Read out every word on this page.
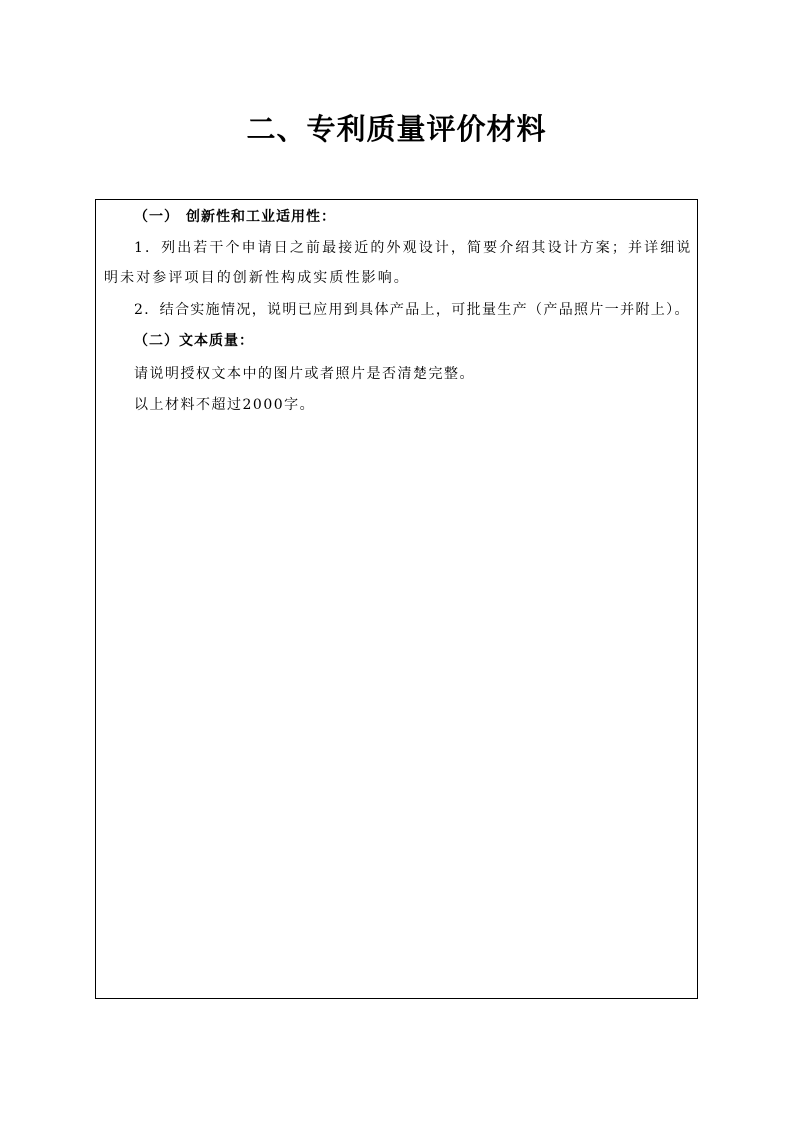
二、专利质量评价材料
（一） 创新性和工业适用性：
1．列出若干个申请日之前最接近的外观设计，简要介绍其设计方案；并详细说
明未对参评项目的创新性构成实质性影响。
2．结合实施情况，说明已应用到具体产品上，可批量生产（产品照片一并附上）。
（二）文本质量：
请说明授权文本中的图片或者照片是否清楚完整。
以上材料不超过2000字。
